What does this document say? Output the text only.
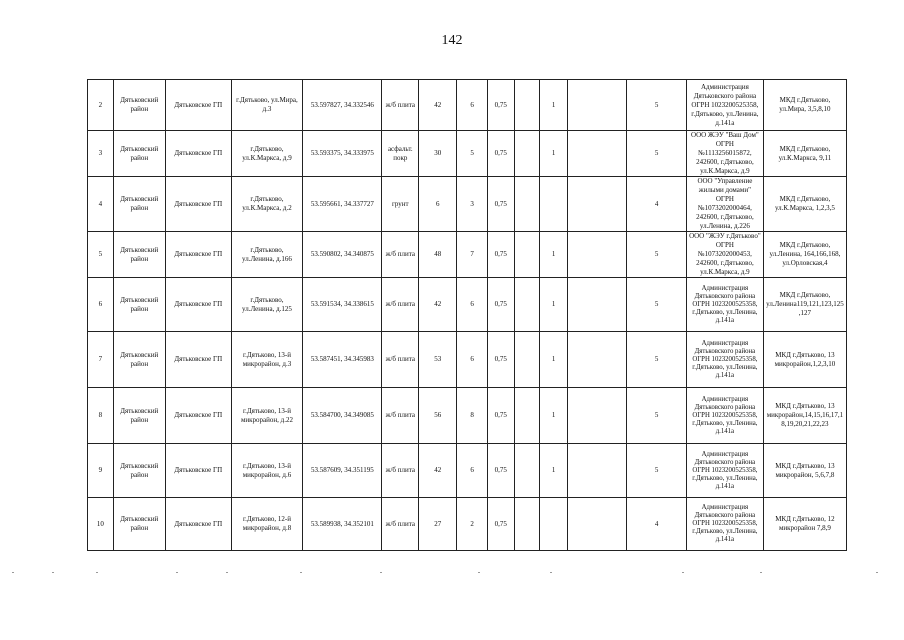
142
2	Дятьковский район	Дятьковское ГП	г.Дятьково, ул.Мира, д.3	53.597827, 34.332546	ж/б плита	42	6	0,75		1		5	Администрация Дятьковского района ОГРН 1023200525358, г.Дятьково, ул.Ленина, д.141а	МКД г.Дятьково, ул.Мира, 3,5,8,10
3	Дятьковский район	Дятьковское ГП	г.Дятьково, ул.К.Маркса, д.9	53.593375, 34.333975	асфальт. покр	30	5	0,75		1		5	ООО ЖЭУ "Ваш Дом" ОГРН №1113256015872, 242600, г.Дятьково, ул.К.Маркса, д.9	МКД г.Дятьково, ул.К.Маркса, 9,11
4	Дятьковский район	Дятьковское ГП	г.Дятьково, ул.К.Маркса, д.2	53.595661, 34.337727	грунт	6	3	0,75				4	ООО "Управление жилыми домами" ОГРН №1073202000464, 242600, г.Дятьково, ул.Ленина, д.226	МКД г.Дятьково, ул.К.Маркса, 1,2,3,5
5	Дятьковский район	Дятьковское ГП	г.Дятьково, ул.Ленина, д.166	53.590802, 34.340875	ж/б плита	48	7	0,75		1		5	ООО "ЖЭУ г.Дятьково" ОГРН №1073202000453, 242600, г.Дятьково, ул.К.Маркса, д.9	МКД г.Дятьково, ул.Ленина, 164,166,168, ул.Орловская,4
6	Дятьковский район	Дятьковское ГП	г.Дятьково, ул.Ленина, д.125	53.591534, 34.338615	ж/б плита	42	6	0,75		1		5	Администрация Дятьковского района ОГРН 1023200525358, г.Дятьково, ул.Ленина, д.141а	МКД г.Дятьково, ул.Ленина119,121,123,125,127
7	Дятьковский район	Дятьковское ГП	г.Дятьково, 13-й микрорайон, д.3	53.587451, 34.345983	ж/б плита	53	6	0,75		1		5	Администрация Дятьковского района ОГРН 1023200525358, г.Дятьково, ул.Ленина, д.141а	МКД г.Дятьково, 13 микрорайон,1,2,3,10
8	Дятьковский район	Дятьковское ГП	г.Дятьково, 13-й микрорайон, д.22	53.584700, 34.349085	ж/б плита	56	8	0,75		1		5	Администрация Дятьковского района ОГРН 1023200525358, г.Дятьково, ул.Ленина, д.141а	МКД г.Дятьково, 13 микрорайон,14,15,16,17,18,19,20,21,22,23
9	Дятьковский район	Дятьковское ГП	г.Дятьково, 13-й микрорайон, д.6	53.587609, 34.351195	ж/б плита	42	6	0,75		1		5	Администрация Дятьковского района ОГРН 1023200525358, г.Дятьково, ул.Ленина, д.141а	МКД г.Дятьково, 13 микрорайон, 5,6,7,8
10	Дятьковский район	Дятьковское ГП	г.Дятьково, 12-й микрорайон, д.8	53.589938, 34.352101	ж/б плита	27	2	0,75				4	Администрация Дятьковского района ОГРН 1023200525358, г.Дятьково, ул.Ленина, д.141а	МКД г.Дятьково, 12 микрорайон 7,8,9
